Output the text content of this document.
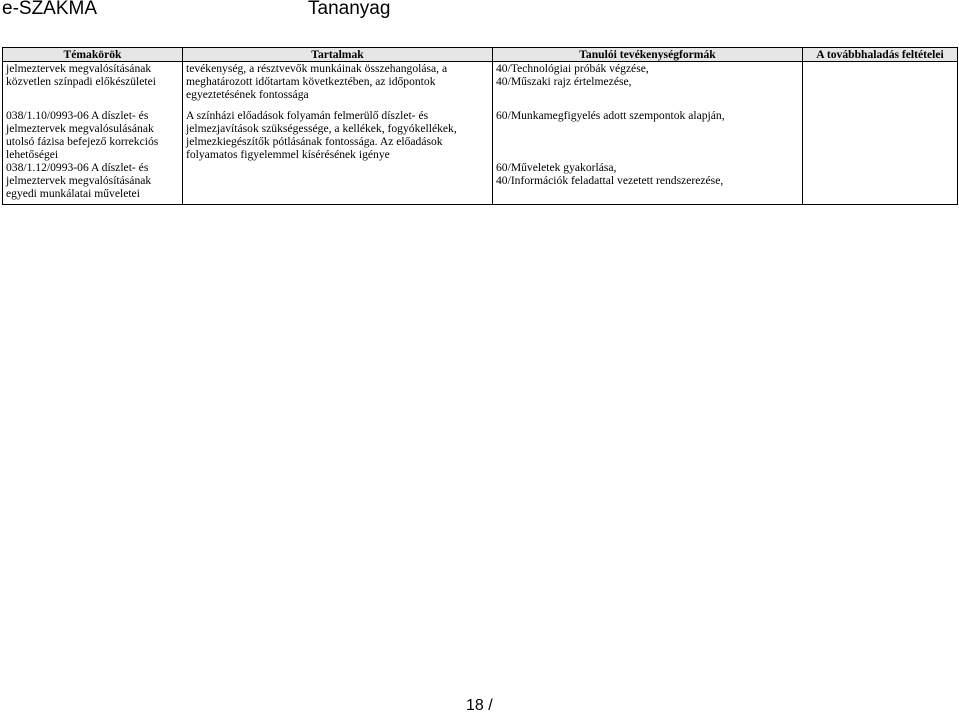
e-SZAKMA	Tananyag
Témakörök	Tartalmak	Tanulói tevékenységformák	A továbbhaladás feltételei
jelmeztervek megvalósításának közvetlen színpadi előkészületei	tevékenység, a résztvevők munkáinak összehangolása, a meghatározott időtartam következtében, az időpontok egyeztetésének fontossága	40/Technológiai próbák végzése,
40/Műszaki rajz értelmezése,	
038/1.10/0993-06 A díszlet- és jelmeztervek megvalósulásának utolsó fázisa befejező korrekciós lehetőségei	A színházi előadások folyamán felmerülő díszlet- és jelmezjavítások szükségessége, a kellékek, fogyókellékek, jelmezkiegészítők pótlásának fontossága. Az előadások folyamatos figyelemmel kísérésének igénye	60/Munkamegfigyelés adott szempontok alapján,	
038/1.12/0993-06 A díszlet- és jelmeztervek megvalósításának egyedi munkálatai műveletei		60/Műveletek gyakorlása,
40/Információk feladattal vezetett rendszerezése,	
18 /
